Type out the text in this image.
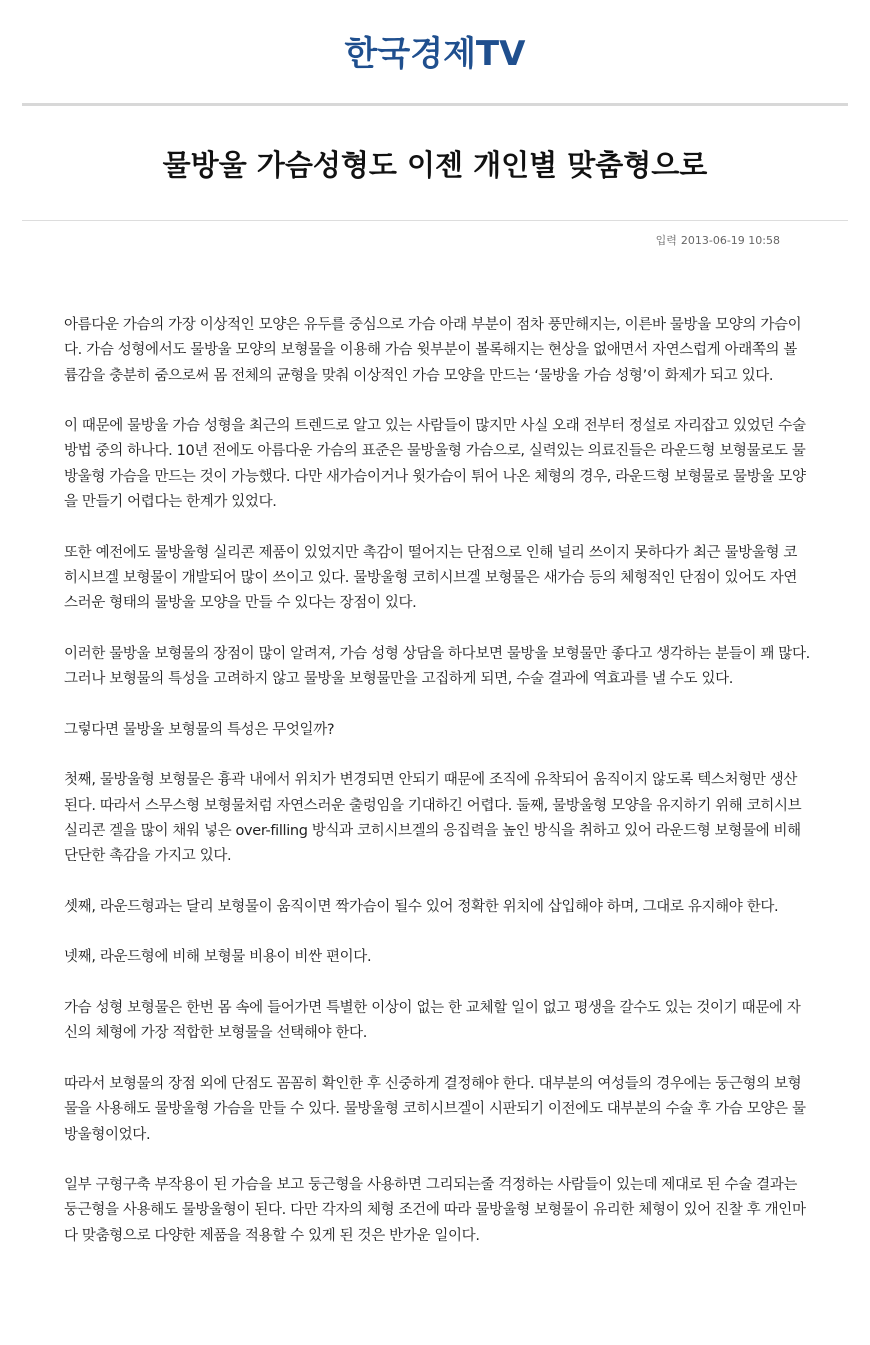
한국경제TV
물방울 가슴성형도 이젠 개인별 맞춤형으로
입력 2013-06-19 10:58

아름다운 가슴의 가장 이상적인 모양은 유두를 중심으로 가슴 아래 부분이 점차 풍만해지는, 이른바 물방울 모양의 가슴이다. 가슴 성형에서도 물방울 모양의 보형물을 이용해 가슴 윗부분이 볼록해지는 현상을 없애면서 자연스럽게 아래쪽의 볼륨감을 충분히 줌으로써 몸 전체의 균형을 맞춰 이상적인 가슴 모양을 만드는 ‘물방울 가슴 성형’이 화제가 되고 있다.

이 때문에 물방울 가슴 성형을 최근의 트렌드로 알고 있는 사람들이 많지만 사실 오래 전부터 정설로 자리잡고 있었던 수술 방법 중의 하나다. 10년 전에도 아름다운 가슴의 표준은 물방울형 가슴으로, 실력있는 의료진들은 라운드형 보형물로도 물방울형 가슴을 만드는 것이 가능했다. 다만 새가슴이거나 윗가슴이 튀어 나온 체형의 경우, 라운드형 보형물로 물방울 모양을 만들기 어렵다는 한계가 있었다.

또한 예전에도 물방울형 실리콘 제품이 있었지만 촉감이 떨어지는 단점으로 인해 널리 쓰이지 못하다가 최근 물방울형 코히시브겔 보형물이 개발되어 많이 쓰이고 있다. 물방울형 코히시브겔 보형물은 새가슴 등의 체형적인 단점이 있어도 자연스러운 형태의 물방울 모양을 만들 수 있다는 장점이 있다.

이러한 물방울 보형물의 장점이 많이 알려져, 가슴 성형 상담을 하다보면 물방울 보형물만 좋다고 생각하는 분들이 꽤 많다. 그러나 보형물의 특성을 고려하지 않고 물방울 보형물만을 고집하게 되면, 수술 결과에 역효과를 낼 수도 있다.

그렇다면 물방울 보형물의 특성은 무엇일까?

첫째, 물방울형 보형물은 흉곽 내에서 위치가 변경되면 안되기 때문에 조직에 유착되어 움직이지 않도록 텍스처형만 생산된다. 따라서 스무스형 보형물처럼 자연스러운 출렁임을 기대하긴 어렵다. 둘째, 물방울형 모양을 유지하기 위해 코히시브 실리콘 겔을 많이 채워 넣은 over-filling 방식과 코히시브겔의 응집력을 높인 방식을 취하고 있어 라운드형 보형물에 비해 단단한 촉감을 가지고 있다.

셋째, 라운드형과는 달리 보형물이 움직이면 짝가슴이 될수 있어 정확한 위치에 삽입해야 하며, 그대로 유지해야 한다.

넷째, 라운드형에 비해 보형물 비용이 비싼 편이다.

가슴 성형 보형물은 한번 몸 속에 들어가면 특별한 이상이 없는 한 교체할 일이 없고 평생을 갈수도 있는 것이기 때문에 자신의 체형에 가장 적합한 보형물을 선택해야 한다.

따라서 보형물의 장점 외에 단점도 꼼꼼히 확인한 후 신중하게 결정해야 한다. 대부분의 여성들의 경우에는 둥근형의 보형물을 사용해도 물방울형 가슴을 만들 수 있다. 물방울형 코히시브겔이 시판되기 이전에도 대부분의 수술 후 가슴 모양은 물방울형이었다.

일부 구형구축 부작용이 된 가슴을 보고 둥근형을 사용하면 그리되는줄 걱정하는 사람들이 있는데 제대로 된 수술 결과는 둥근형을 사용해도 물방울형이 된다. 다만 각자의 체형 조건에 따라 물방울형 보형물이 유리한 체형이 있어 진찰 후 개인마다 맞춤형으로 다양한 제품을 적용할 수 있게 된 것은 반가운 일이다.
